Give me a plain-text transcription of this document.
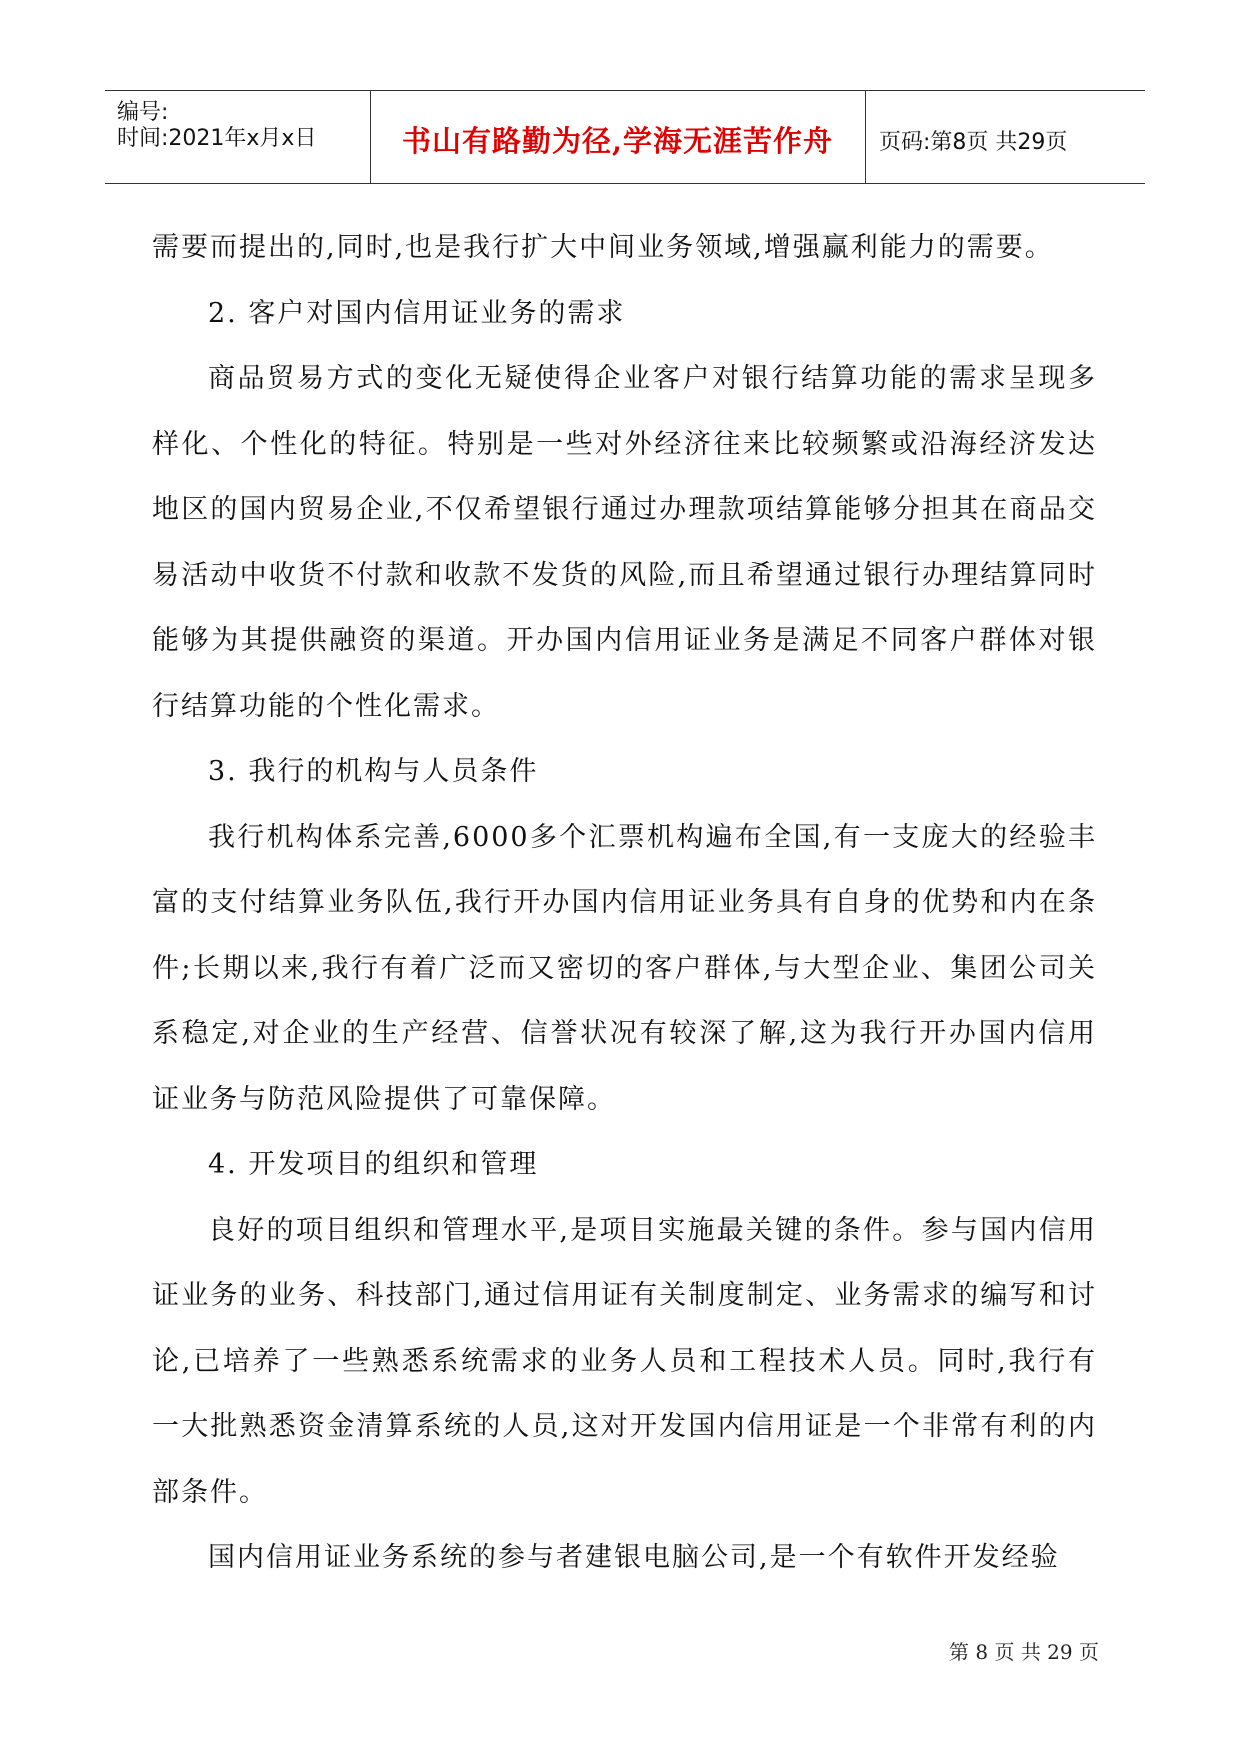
编号:
时间:2021年x月x日	书山有路勤为径,学海无涯苦作舟	页码:第8页 共29页

需要而提出的,同时,也是我行扩大中间业务领域,增强赢利能力的需要。

2. 客户对国内信用证业务的需求

商品贸易方式的变化无疑使得企业客户对银行结算功能的需求呈现多样化、个性化的特征。特别是一些对外经济往来比较频繁或沿海经济发达地区的国内贸易企业,不仅希望银行通过办理款项结算能够分担其在商品交易活动中收货不付款和收款不发货的风险,而且希望通过银行办理结算同时能够为其提供融资的渠道。开办国内信用证业务是满足不同客户群体对银行结算功能的个性化需求。

3. 我行的机构与人员条件

我行机构体系完善,6000多个汇票机构遍布全国,有一支庞大的经验丰富的支付结算业务队伍,我行开办国内信用证业务具有自身的优势和内在条件;长期以来,我行有着广泛而又密切的客户群体,与大型企业、集团公司关系稳定,对企业的生产经营、信誉状况有较深了解,这为我行开办国内信用证业务与防范风险提供了可靠保障。

4. 开发项目的组织和管理

良好的项目组织和管理水平,是项目实施最关键的条件。参与国内信用证业务的业务、科技部门,通过信用证有关制度制定、业务需求的编写和讨论,已培养了一些熟悉系统需求的业务人员和工程技术人员。同时,我行有一大批熟悉资金清算系统的人员,这对开发国内信用证是一个非常有利的内部条件。

国内信用证业务系统的参与者建银电脑公司,是一个有软件开发经验

第 8 页 共 29 页
